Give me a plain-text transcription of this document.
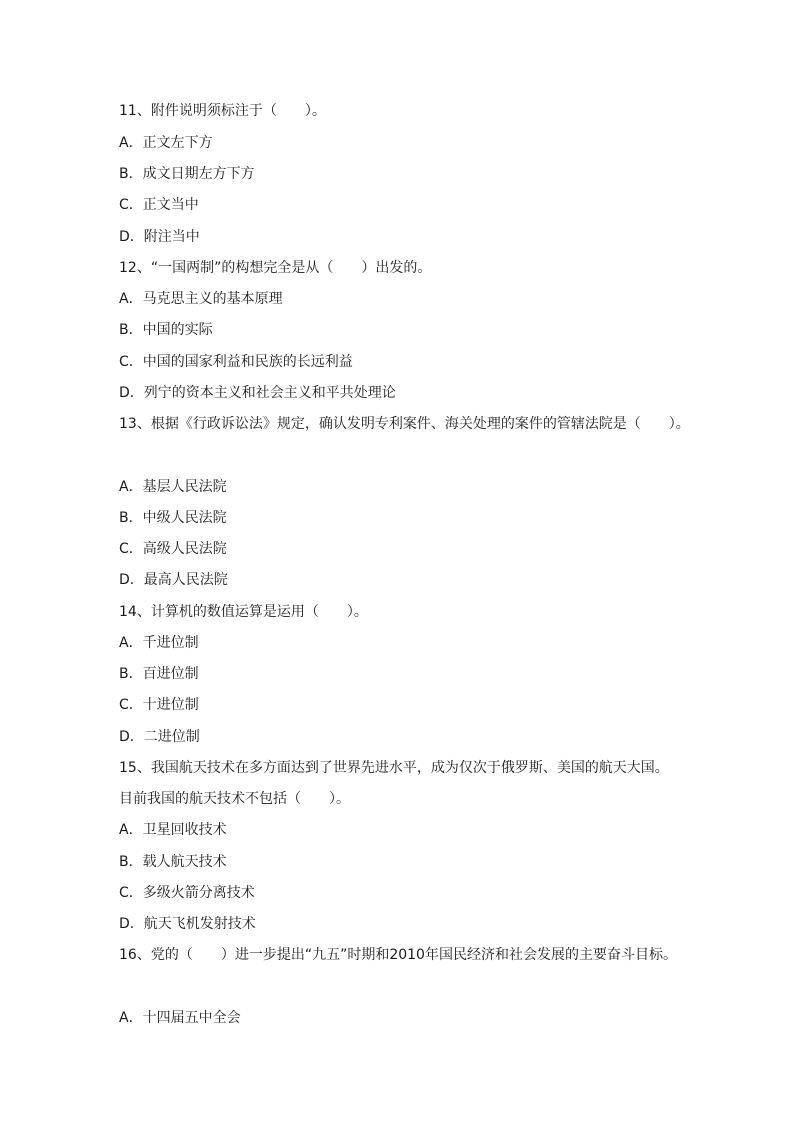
11、附件说明须标注于（　　）。
A．正文左下方
B．成文日期左方下方
C．正文当中
D．附注当中
12、“一国两制”的构想完全是从（　　）出发的。
A．马克思主义的基本原理
B．中国的实际
C．中国的国家利益和民族的长远利益
D．列宁的资本主义和社会主义和平共处理论
13、根据《行政诉讼法》规定，确认发明专利案件、海关处理的案件的管辖法院是（　　）。
A．基层人民法院
B．中级人民法院
C．高级人民法院
D．最高人民法院
14、计算机的数值运算是运用（　　）。
A．千进位制
B．百进位制
C．十进位制
D．二进位制
15、我国航天技术在多方面达到了世界先进水平，成为仅次于俄罗斯、美国的航天大国。
目前我国的航天技术不包括（　　）。
A．卫星回收技术
B．载人航天技术
C．多级火箭分离技术
D．航天飞机发射技术
16、党的（　　）进一步提出“九五”时期和2010年国民经济和社会发展的主要奋斗目标。
A．十四届五中全会
